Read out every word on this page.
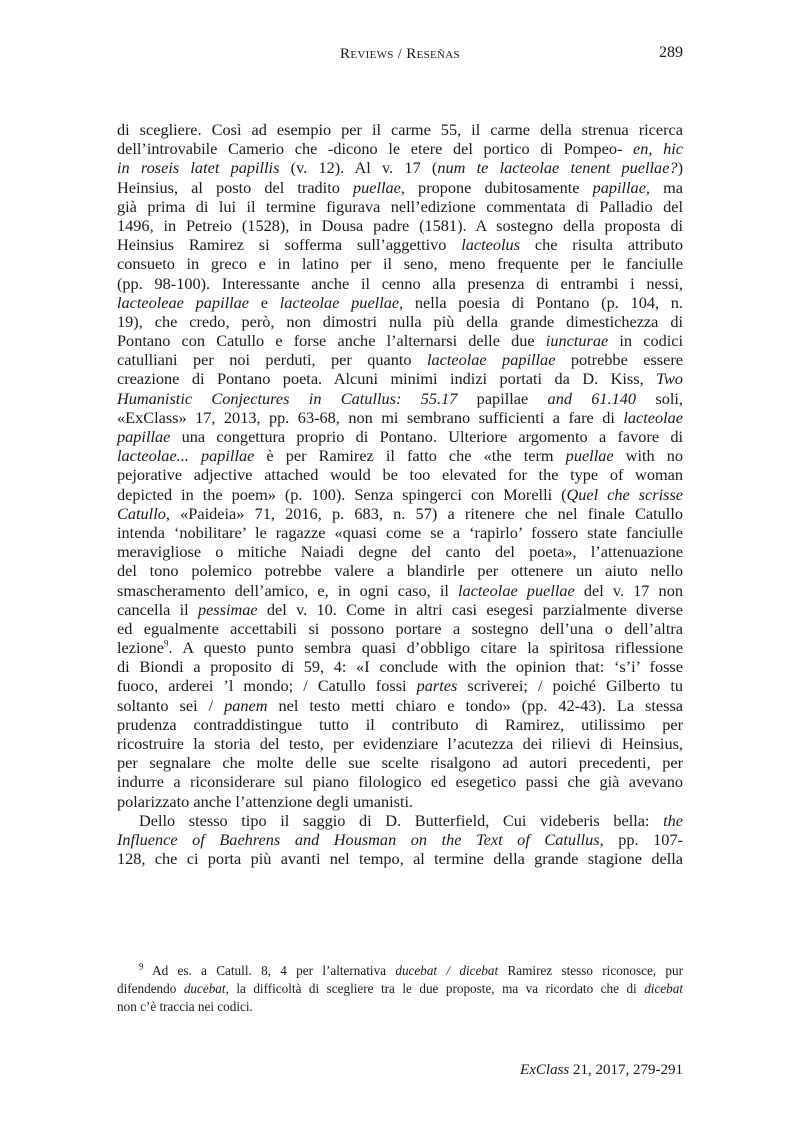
Reviews / Reseñas	289
di scegliere. Così ad esempio per il carme 55, il carme della strenua ricerca
dell’introvabile Camerio che -dicono le etere del portico di Pompeo- en, hic
in roseis latet papillis (v. 12). Al v. 17 (num te lacteolae tenent puellae?)
Heinsius, al posto del tradito puellae, propone dubitosamente papillae, ma
già prima di lui il termine figurava nell’edizione commentata di Palladio del
1496, in Petreio (1528), in Dousa padre (1581). A sostegno della proposta di
Heinsius Ramirez si sofferma sull’aggettivo lacteolus che risulta attributo
consueto in greco e in latino per il seno, meno frequente per le fanciulle
(pp. 98-100). Interessante anche il cenno alla presenza di entrambi i nessi,
lacteoleae papillae e lacteolae puellae, nella poesia di Pontano (p. 104, n.
19), che credo, però, non dimostri nulla più della grande dimestichezza di
Pontano con Catullo e forse anche l’alternarsi delle due iuncturae in codici
catulliani per noi perduti, per quanto lacteolae papillae potrebbe essere
creazione di Pontano poeta. Alcuni minimi indizi portati da D. Kiss, Two
Humanistic Conjectures in Catullus: 55.17 papillae and 61.140 soli,
«ExClass» 17, 2013, pp. 63-68, non mi sembrano sufficienti a fare di lacteolae
papillae una congettura proprio di Pontano. Ulteriore argomento a favore di
lacteolae... papillae è per Ramirez il fatto che «the term puellae with no
pejorative adjective attached would be too elevated for the type of woman
depicted in the poem» (p. 100). Senza spingerci con Morelli (Quel che scrisse
Catullo, «Paideia» 71, 2016, p. 683, n. 57) a ritenere che nel finale Catullo
intenda ‘nobilitare’ le ragazze «quasi come se a ‘rapirlo’ fossero state fanciulle
meravigliose o mitiche Naiadi degne del canto del poeta», l’attenuazione
del tono polemico potrebbe valere a blandirle per ottenere un aiuto nello
smascheramento dell’amico, e, in ogni caso, il lacteolae puellae del v. 17 non
cancella il pessimae del v. 10. Come in altri casi esegesi parzialmente diverse
ed egualmente accettabili si possono portare a sostegno dell’una o dell’altra
lezione$^9$. A questo punto sembra quasi d’obbligo citare la spiritosa riflessione
di Biondi a proposito di 59, 4: «I conclude with the opinion that: ‘s’i’ fosse
fuoco, arderei ’l mondo; / Catullo fossi partes scriverei; / poiché Gilberto tu
soltanto sei / panem nel testo metti chiaro e tondo» (pp. 42-43). La stessa
prudenza contraddistingue tutto il contributo di Ramirez, utilissimo per
ricostruire la storia del testo, per evidenziare l’acutezza dei rilievi di Heinsius,
per segnalare che molte delle sue scelte risalgono ad autori precedenti, per
indurre a riconsiderare sul piano filologico ed esegetico passi che già avevano
polarizzato anche l’attenzione degli umanisti.
Dello stesso tipo il saggio di D. Butterfield, Cui videberis bella: the
Influence of Baehrens and Housman on the Text of Catullus, pp. 107-
128, che ci porta più avanti nel tempo, al termine della grande stagione della
$^9$ Ad es. a Catull. 8, 4 per l’alternativa ducebat / dicebat Ramirez stesso riconosce, pur
difendendo ducebat, la difficoltà di scegliere tra le due proposte, ma va ricordato che di dicebat
non c’è traccia nei codici.
ExClass 21, 2017, 279-291
